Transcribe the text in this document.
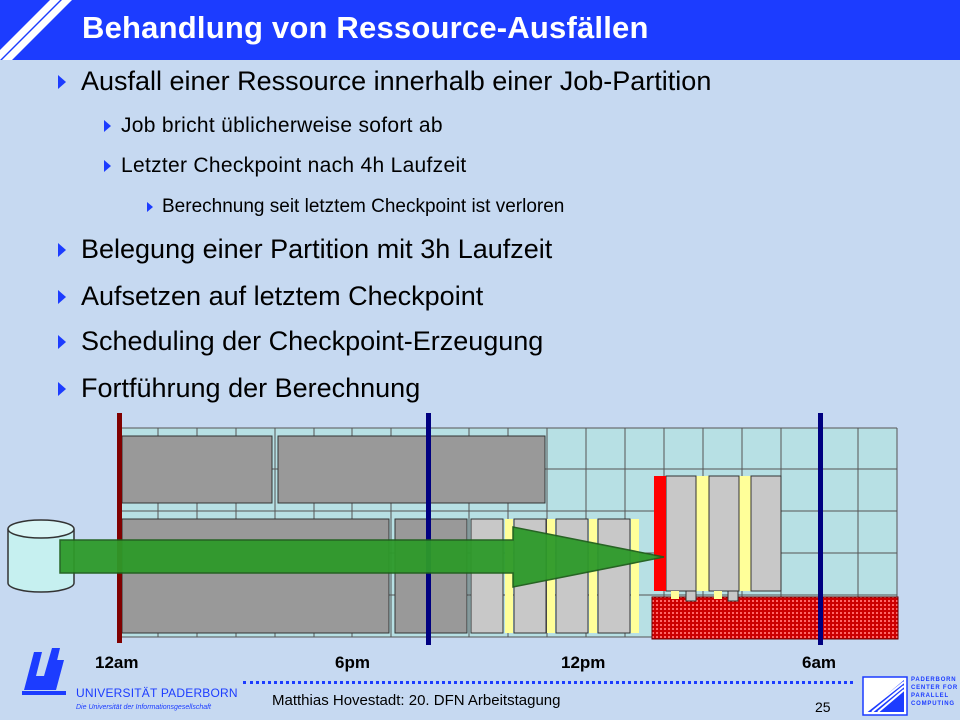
Behandlung von Ressource-Ausfällen
Ausfall einer Ressource innerhalb einer Job-Partition
Job bricht üblicherweise sofort ab
Letzter Checkpoint nach 4h Laufzeit
Berechnung seit letztem Checkpoint ist verloren
Belegung einer Partition mit 3h Laufzeit
Aufsetzen auf letztem Checkpoint
Scheduling der Checkpoint-Erzeugung
Fortführung der Berechnung
12am	6pm	12pm	6am
UNIVERSITÄT PADERBORN
Die Universität der Informationsgesellschaft	Matthias Hovestadt: 20. DFN Arbeitstagung	25
PADERBORN
CENTER FOR
PARALLEL
COMPUTING
